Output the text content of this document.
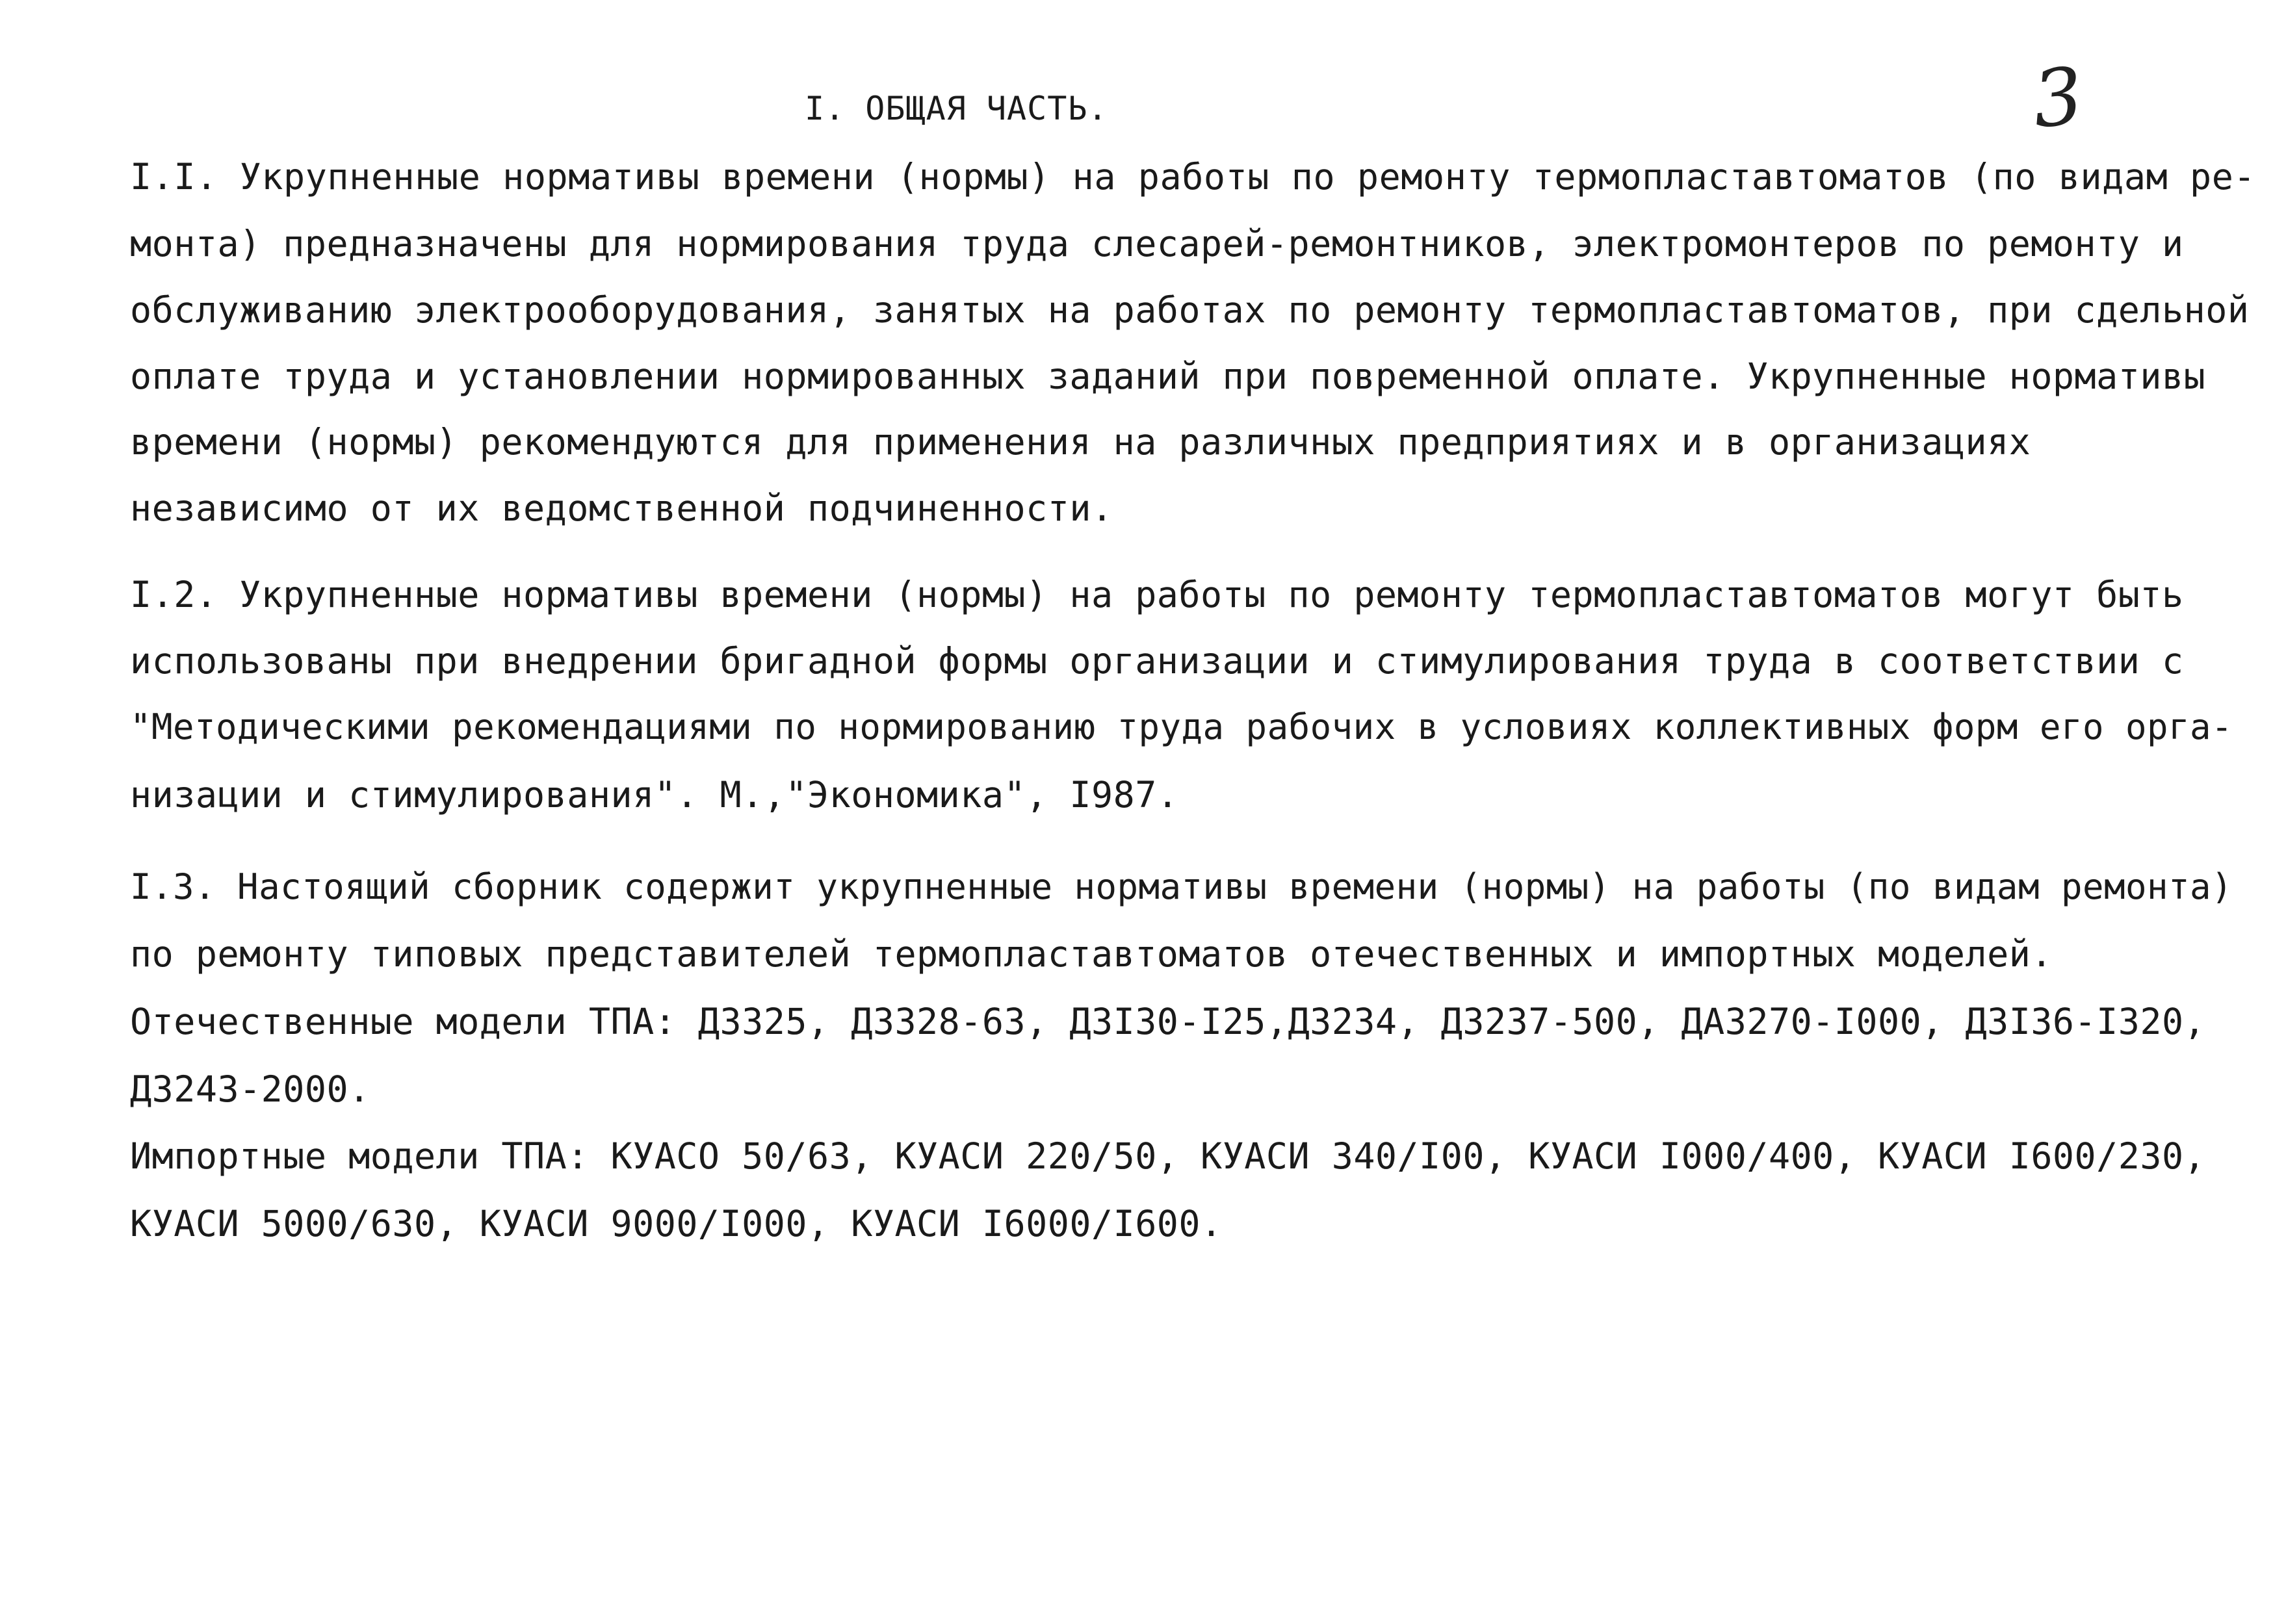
I. ОБЩАЯ ЧАСТЬ.	3
I.I. Укрупненные нормативы времени (нормы) на работы по ремонту термопластавтоматов (по видам ре-
монта) предназначены для нормирования труда слесарей-ремонтников, электромонтеров по ремонту и
обслуживанию электрооборудования, занятых на работах по ремонту термопластавтоматов, при сдельной
оплате труда и установлении нормированных заданий при повременной оплате. Укрупненные нормативы
времени (нормы) рекомендуются для применения на различных предприятиях и в организациях
независимо от их ведомственной подчиненности.
I.2. Укрупненные нормативы времени (нормы) на работы по ремонту термопластавтоматов могут быть
использованы при внедрении бригадной формы организации и стимулирования труда в соответствии с
"Методическими рекомендациями по нормированию труда рабочих в условиях коллективных форм его орга-
низации и стимулирования". М.,"Экономика", I987.
I.3. Настоящий сборник содержит укрупненные нормативы времени (нормы) на работы (по видам ремонта)
по ремонту типовых представителей термопластавтоматов отечественных и импортных моделей.
Отечественные модели ТПА: Д3325, Д3328-63, Д3I30-I25,Д3234, Д3237-500, ДА3270-I000, Д3I36-I320,
Д3243-2000.
Импортные модели ТПА: КУАСО 50/63, КУАСИ 220/50, КУАСИ 340/I00, КУАСИ I000/400, КУАСИ I600/230,
КУАСИ 5000/630, КУАСИ 9000/I000, КУАСИ I6000/I600.
